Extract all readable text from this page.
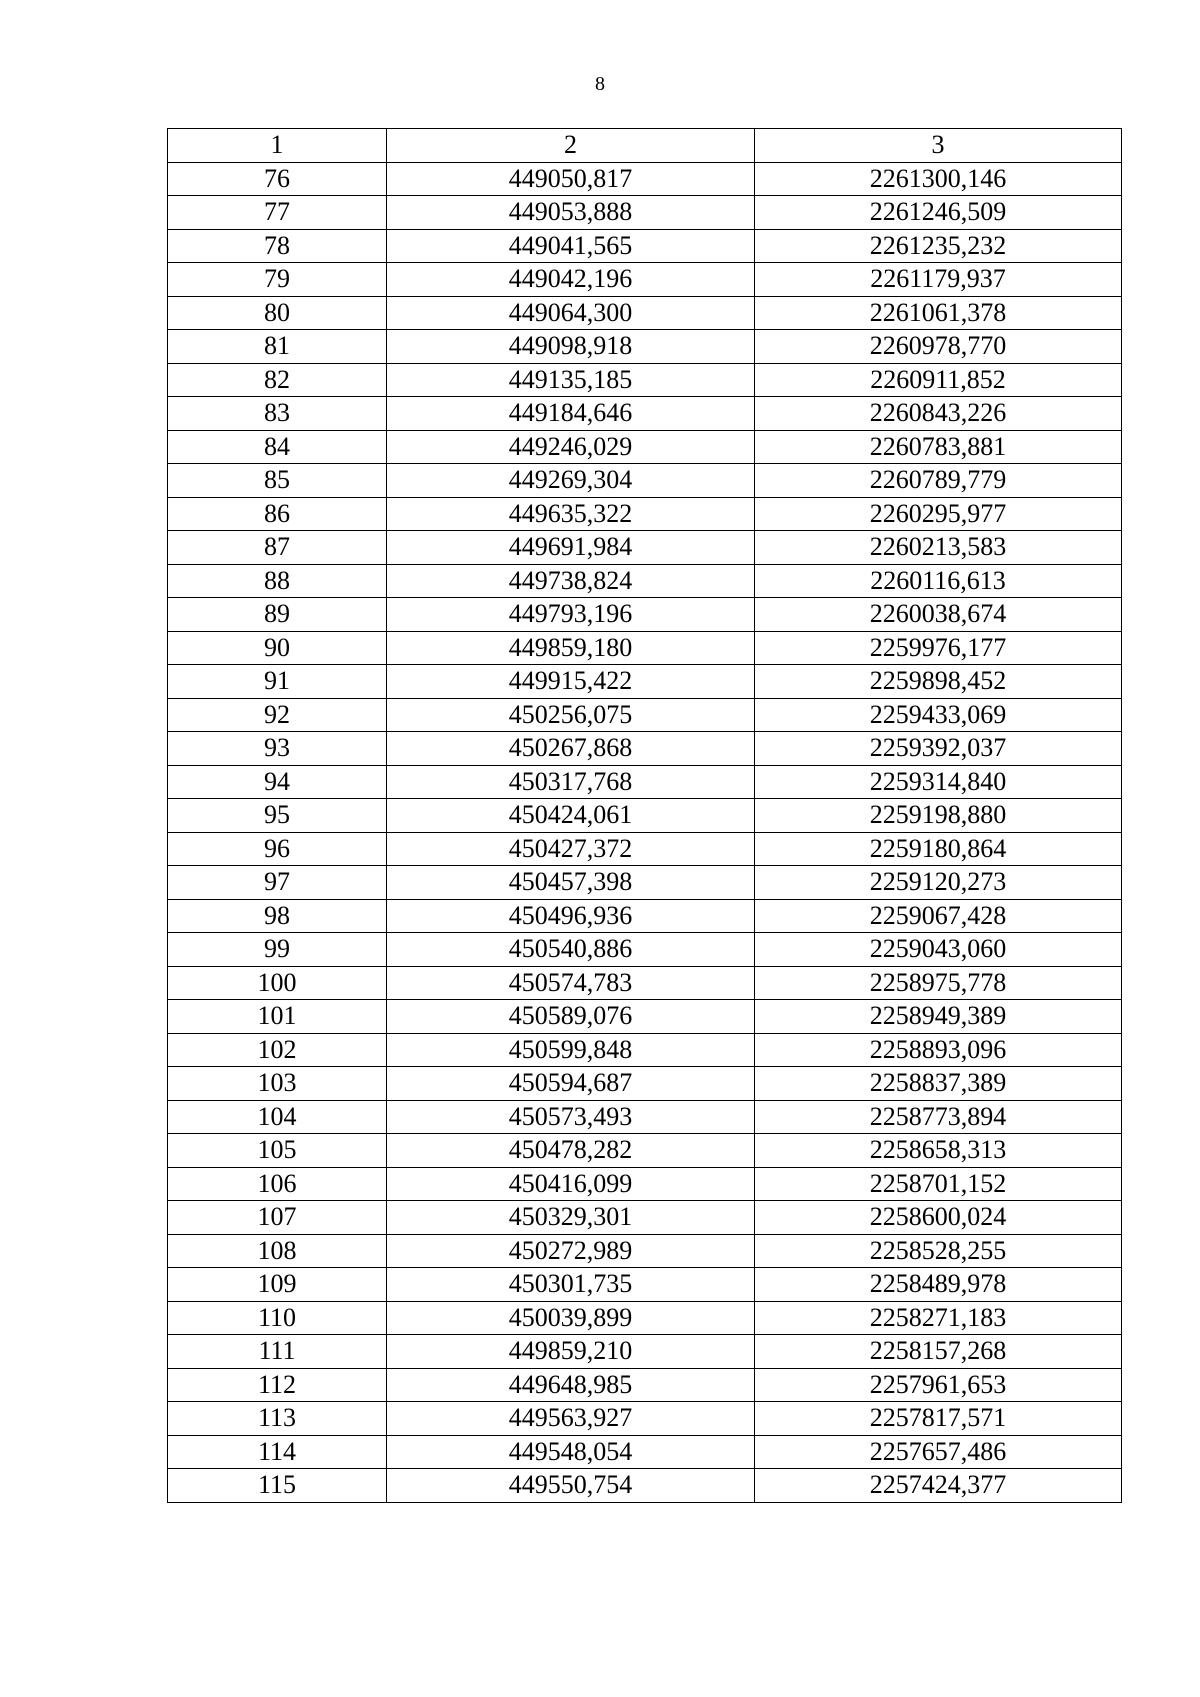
8
1	2	3
76	449050,817	2261300,146
77	449053,888	2261246,509
78	449041,565	2261235,232
79	449042,196	2261179,937
80	449064,300	2261061,378
81	449098,918	2260978,770
82	449135,185	2260911,852
83	449184,646	2260843,226
84	449246,029	2260783,881
85	449269,304	2260789,779
86	449635,322	2260295,977
87	449691,984	2260213,583
88	449738,824	2260116,613
89	449793,196	2260038,674
90	449859,180	2259976,177
91	449915,422	2259898,452
92	450256,075	2259433,069
93	450267,868	2259392,037
94	450317,768	2259314,840
95	450424,061	2259198,880
96	450427,372	2259180,864
97	450457,398	2259120,273
98	450496,936	2259067,428
99	450540,886	2259043,060
100	450574,783	2258975,778
101	450589,076	2258949,389
102	450599,848	2258893,096
103	450594,687	2258837,389
104	450573,493	2258773,894
105	450478,282	2258658,313
106	450416,099	2258701,152
107	450329,301	2258600,024
108	450272,989	2258528,255
109	450301,735	2258489,978
110	450039,899	2258271,183
111	449859,210	2258157,268
112	449648,985	2257961,653
113	449563,927	2257817,571
114	449548,054	2257657,486
115	449550,754	2257424,377
